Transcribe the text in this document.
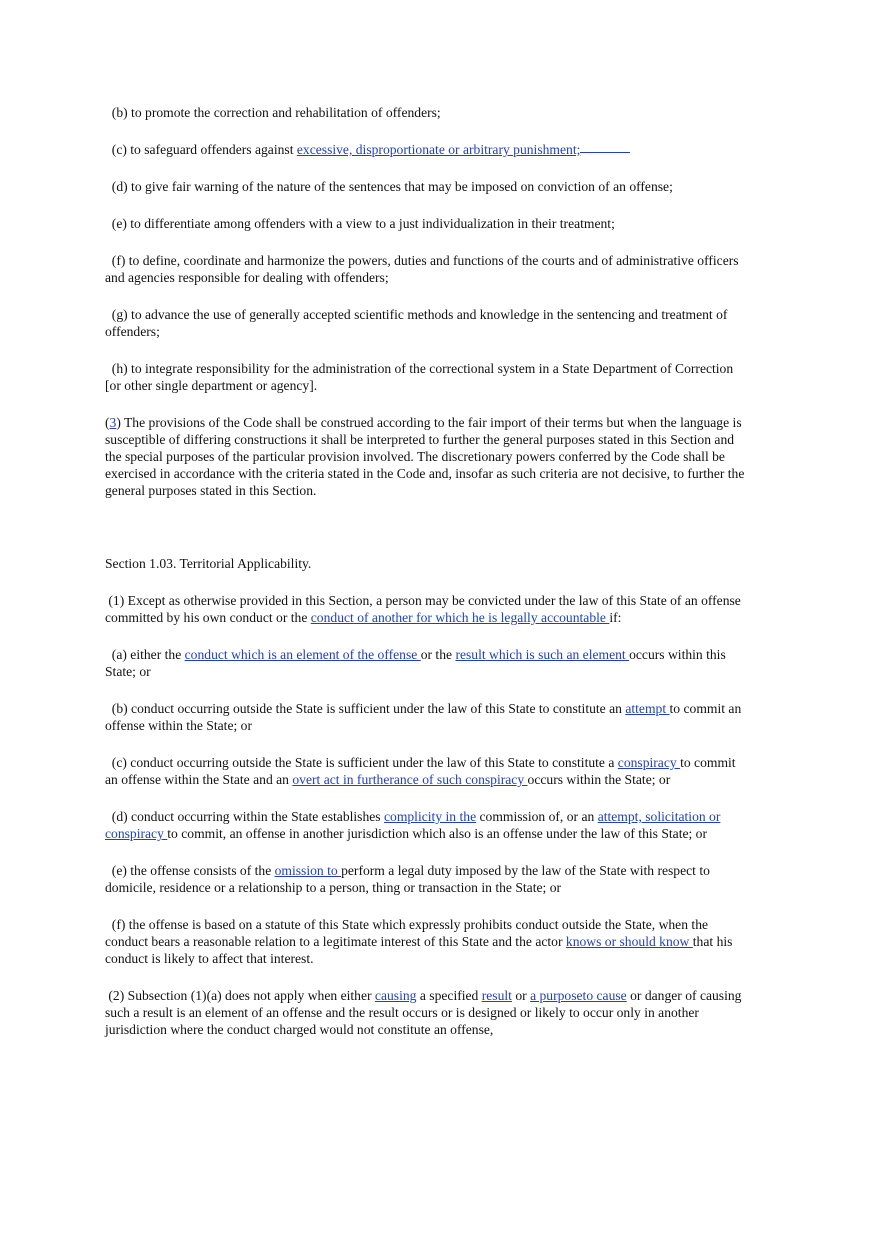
(b) to promote the correction and rehabilitation of offenders;

(c) to safeguard offenders against excessive, disproportionate or arbitrary punishment;

(d) to give fair warning of the nature of the sentences that may be imposed on conviction of an offense;

(e) to differentiate among offenders with a view to a just individualization in their treatment;

(f) to define, coordinate and harmonize the powers, duties and functions of the courts and of administrative officers and agencies responsible for dealing with offenders;

(g) to advance the use of generally accepted scientific methods and knowledge in the sentencing and treatment of offenders;

(h) to integrate responsibility for the administration of the correctional system in a State Department of Correction [or other single department or agency].

(3) The provisions of the Code shall be construed according to the fair import of their terms but when the language is susceptible of differing constructions it shall be interpreted to further the general purposes stated in this Section and the special purposes of the particular provision involved. The discretionary powers conferred by the Code shall be exercised in accordance with the criteria stated in the Code and, insofar as such criteria are not decisive, to further the general purposes stated in this Section.

Section 1.03. Territorial Applicability.

(1) Except as otherwise provided in this Section, a person may be convicted under the law of this State of an offense committed by his own conduct or the conduct of another for which he is legally accountable if:

(a) either the conduct which is an element of the offense or the result which is such an element occurs within this State; or

(b) conduct occurring outside the State is sufficient under the law of this State to constitute an attempt to commit an offense within the State; or

(c) conduct occurring outside the State is sufficient under the law of this State to constitute a conspiracy to commit an offense within the State and an overt act in furtherance of such conspiracy occurs within the State; or

(d) conduct occurring within the State establishes complicity in the commission of, or an attempt, solicitation or conspiracy to commit, an offense in another jurisdiction which also is an offense under the law of this State; or

(e) the offense consists of the omission to perform a legal duty imposed by the law of the State with respect to domicile, residence or a relationship to a person, thing or transaction in the State; or

(f) the offense is based on a statute of this State which expressly prohibits conduct outside the State, when the conduct bears a reasonable relation to a legitimate interest of this State and the actor knows or should know that his conduct is likely to affect that interest.

(2) Subsection (1)(a) does not apply when either causing a specified result or a purposeto cause or danger of causing such a result is an element of an offense and the result occurs or is designed or likely to occur only in another jurisdiction where the conduct charged would not constitute an offense,
